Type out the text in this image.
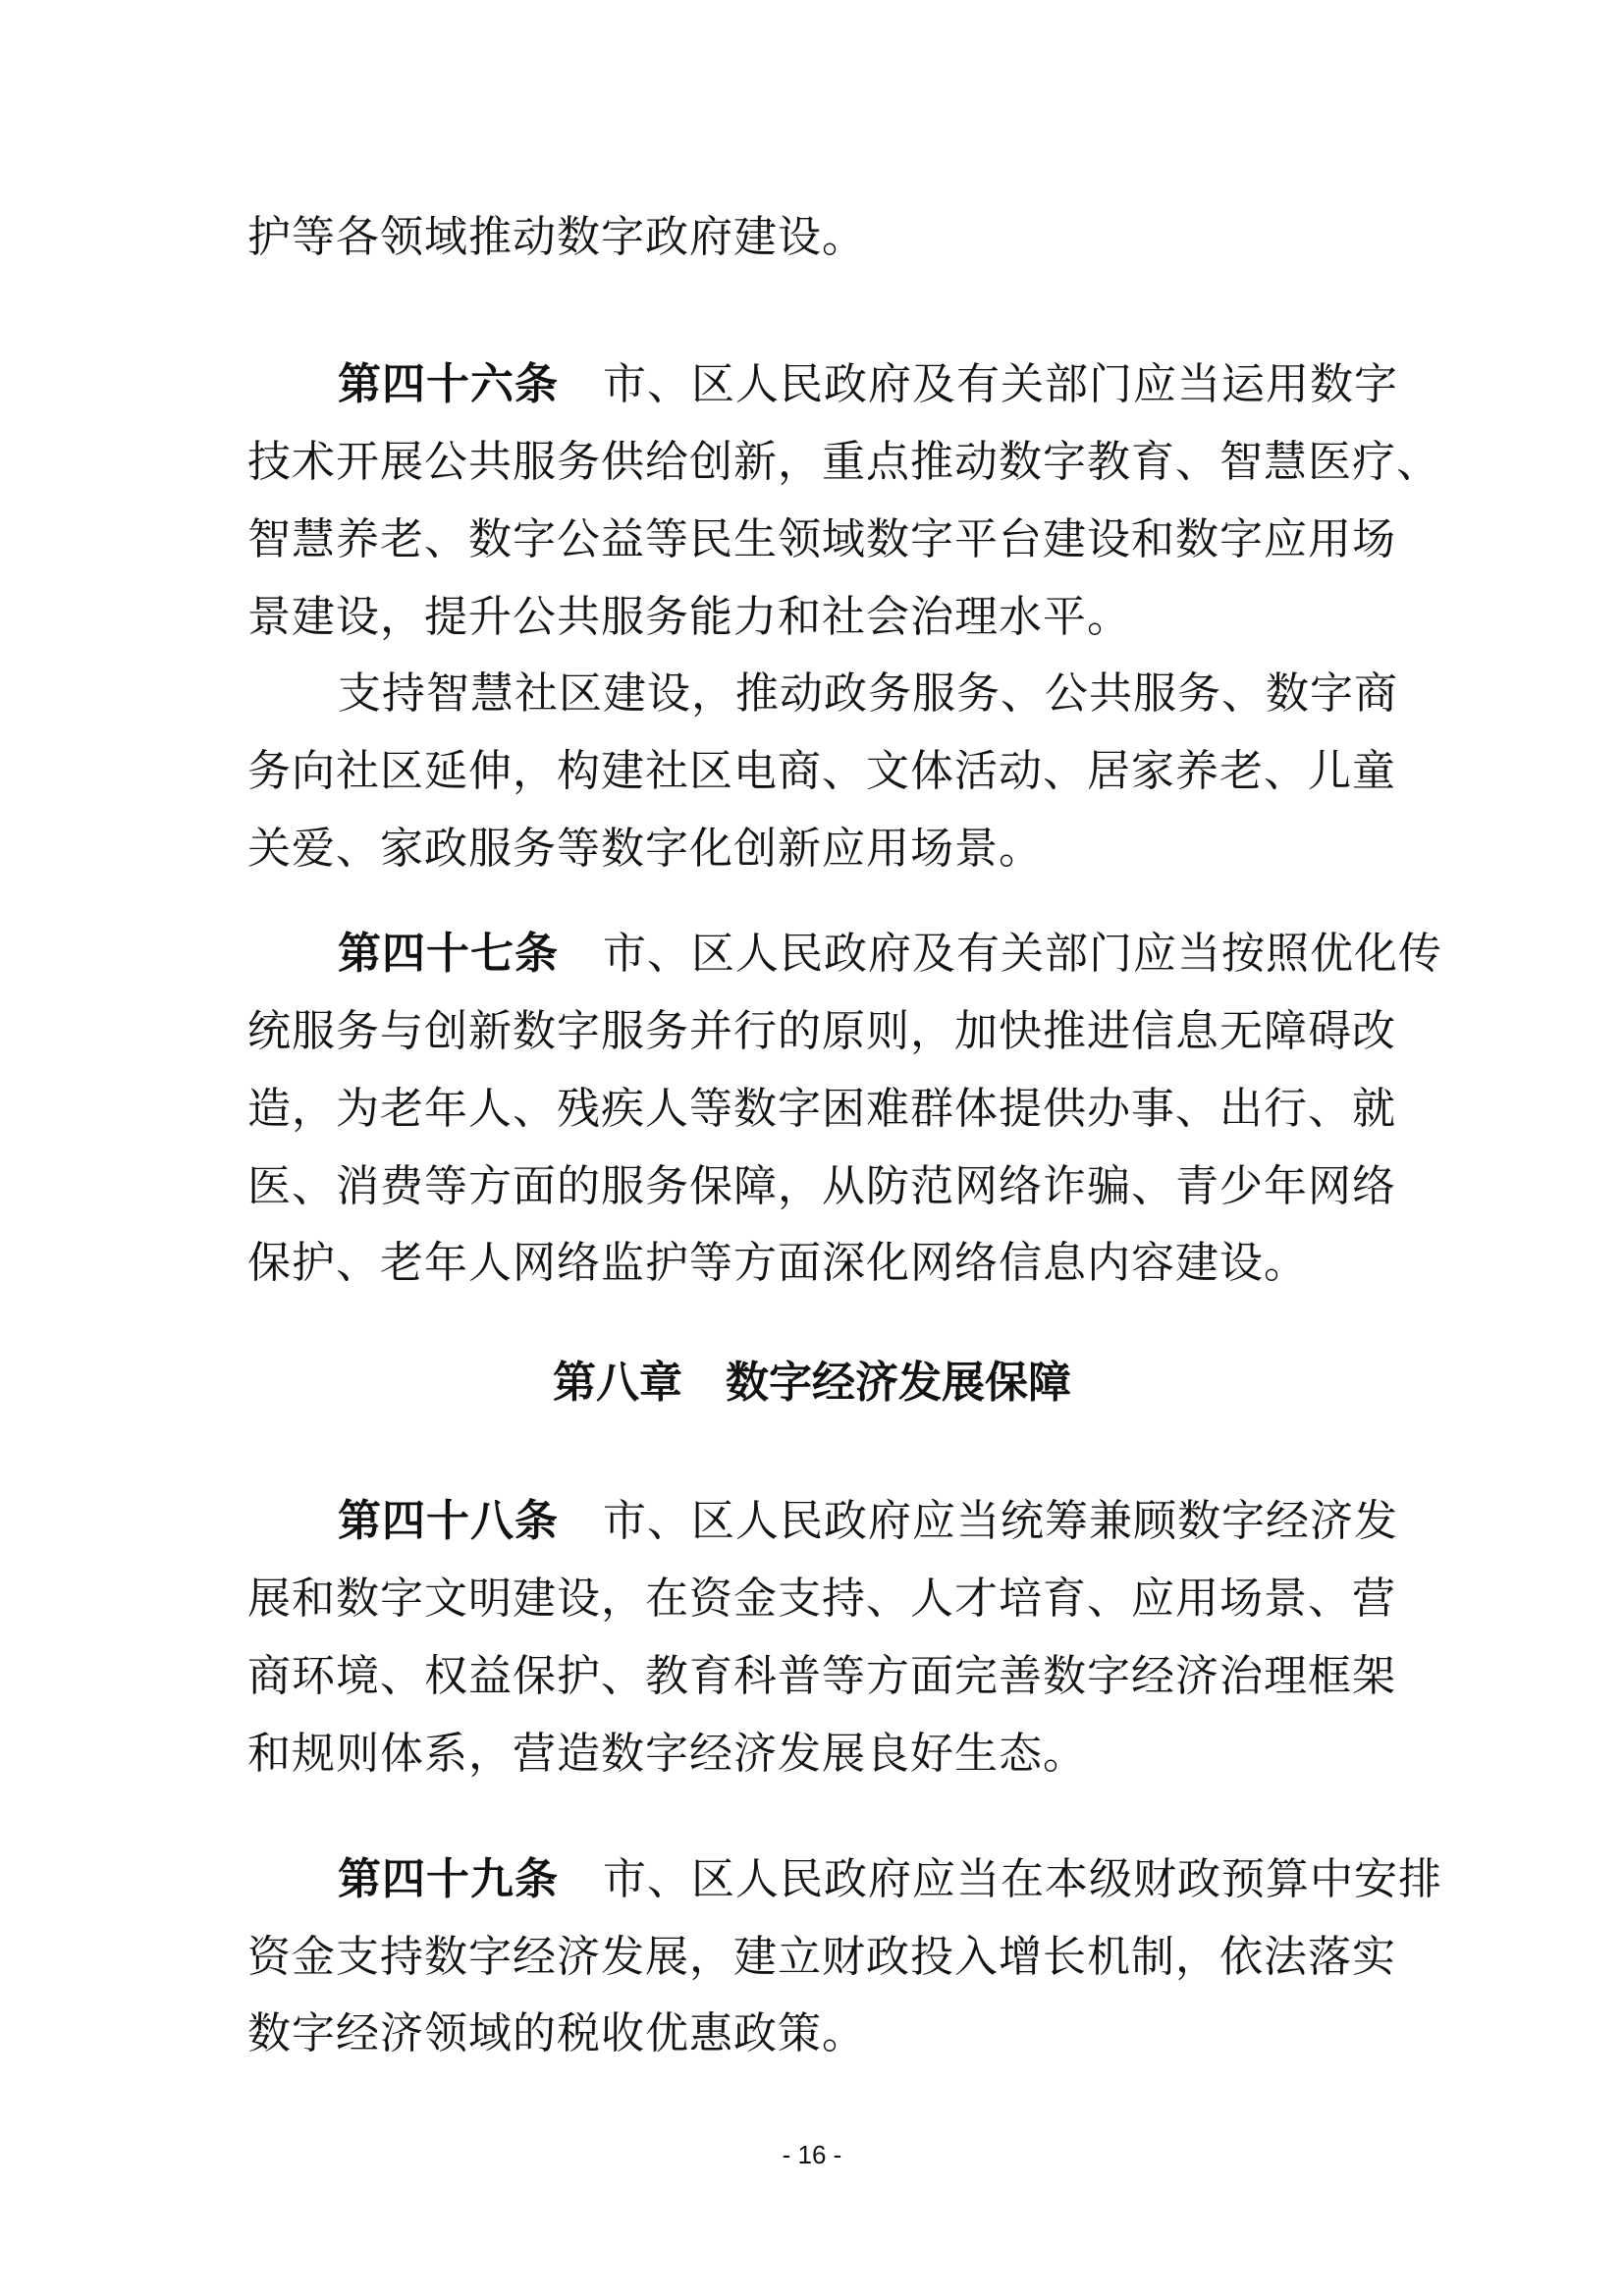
护等各领域推动数字政府建设。
第四十六条  市、区人民政府及有关部门应当运用数字
技术开展公共服务供给创新，重点推动数字教育、智慧医疗、
智慧养老、数字公益等民生领域数字平台建设和数字应用场
景建设，提升公共服务能力和社会治理水平。
支持智慧社区建设，推动政务服务、公共服务、数字商
务向社区延伸，构建社区电商、文体活动、居家养老、儿童
关爱、家政服务等数字化创新应用场景。
第四十七条  市、区人民政府及有关部门应当按照优化传
统服务与创新数字服务并行的原则，加快推进信息无障碍改
造，为老年人、残疾人等数字困难群体提供办事、出行、就
医、消费等方面的服务保障，从防范网络诈骗、青少年网络
保护、老年人网络监护等方面深化网络信息内容建设。
第八章　数字经济发展保障
第四十八条  市、区人民政府应当统筹兼顾数字经济发
展和数字文明建设，在资金支持、人才培育、应用场景、营
商环境、权益保护、教育科普等方面完善数字经济治理框架
和规则体系，营造数字经济发展良好生态。
第四十九条  市、区人民政府应当在本级财政预算中安排
资金支持数字经济发展，建立财政投入增长机制，依法落实
数字经济领域的税收优惠政策。
- 16 -
